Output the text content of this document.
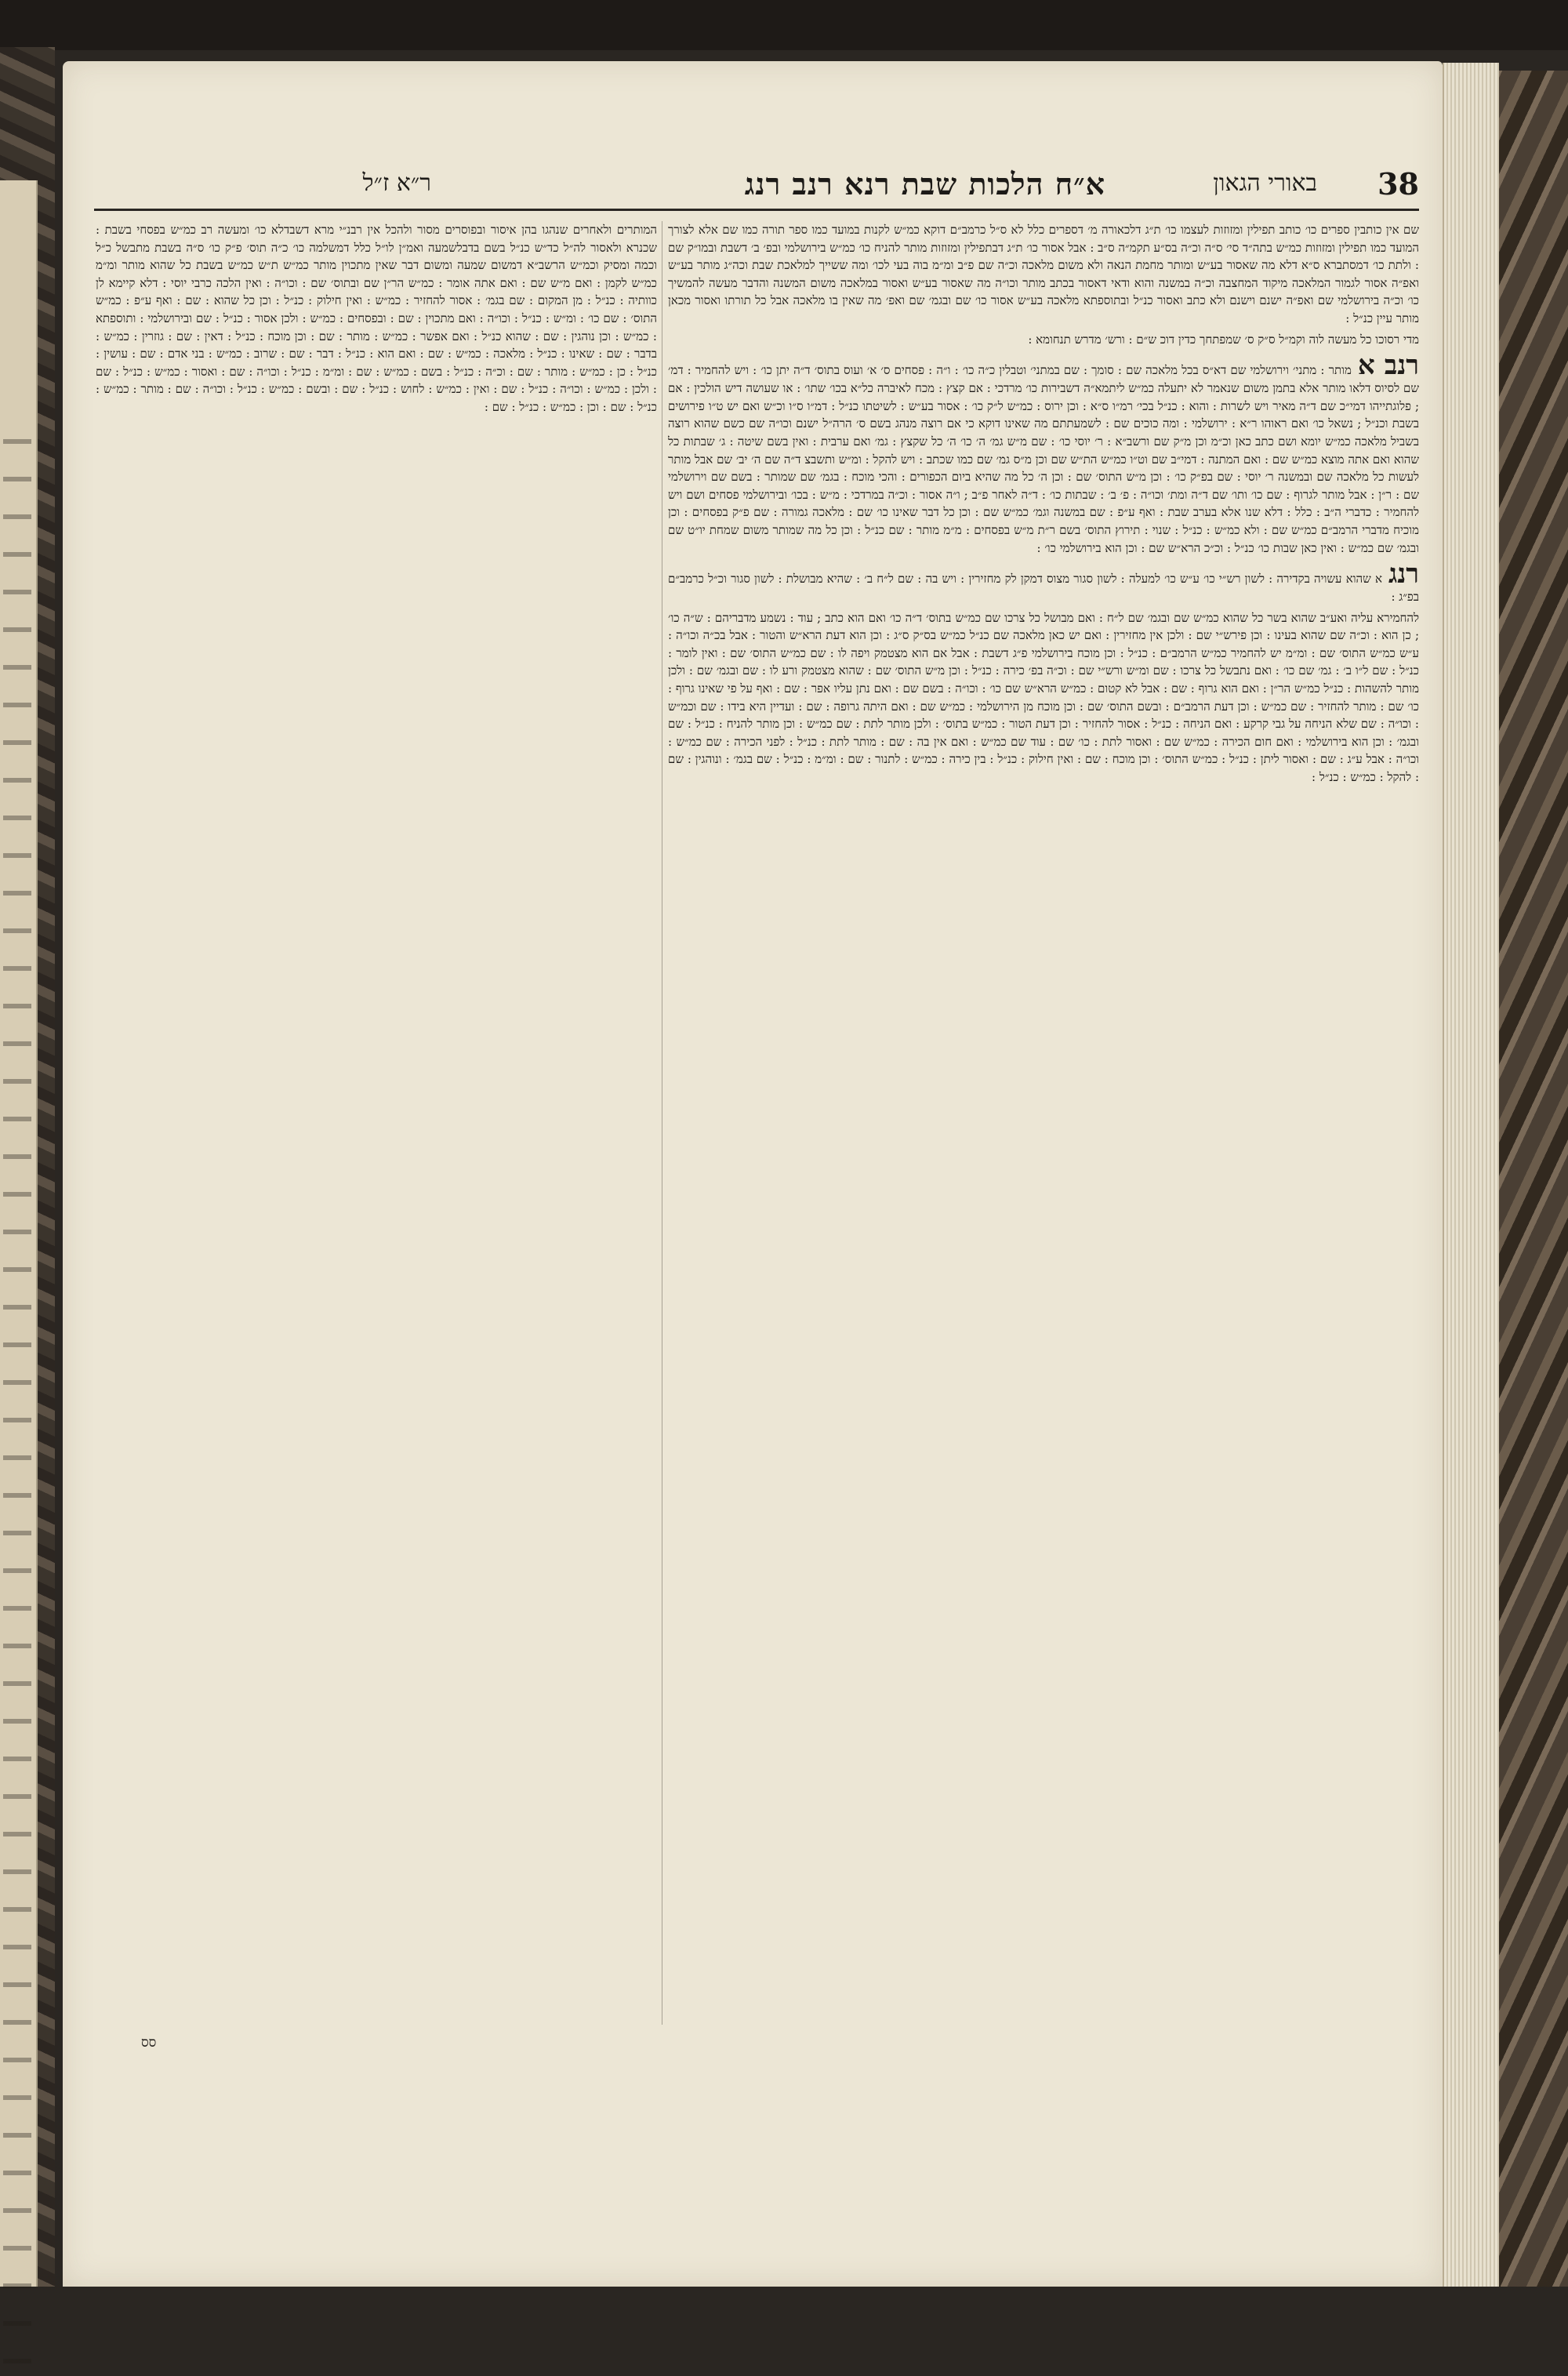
38
באורי הגאון
א״ח הלכות שבת רנא רנב רנג
ר״א ז״ל

שם אין כותבין ספרים כו׳ כותב תפילין ומזוזות לעצמו כו׳ ת״ג דלכאורה מ׳ דספרים כלל לא ס״ל כרמב״ם דוקא כמ״ש לקנות במועד כמו ספר תורה כמו שם אלא לצורך המועד כמו תפילין ומזוזות כמ״ש בתה״ד סי׳ ס״ה וכ״ה בס״ע תקמ״ה ס״ב : אבל אסור כו׳ ת״ג דבתפילין ומזוזות מותר להניח כו׳ כמ״ש בירושלמי ובפ׳ ב׳ דשבת ובמו״ק שם : ולתת כו׳ דמסתברא ס״א דלא מה שאסור בע״ש ומותר מחמת הנאה ולא משום מלאכה וכ״ה שם פ״ב ומ״מ בוה בעי לכו׳ ומה ששייך למלאכת שבת וכה״ג מותר בע״ש ואפ״ה אסור לגמור המלאכה מיקוד המחצבה וכ״ה במשנה והוא ודאי דאסור בכתב מותר וכו״ה מה שאסור בע״ש ואסור במלאכה משום המשנה והדבר מעשה להמשיך כו׳ וכ״ה בירושלמי שם ואפ״ה ישנם וישנם ולא כתב ואסור כנ״ל ובתוספתא מלאכה בע״ש אסור כו׳ שם ובגמ׳ שם ואפ׳ מה שאין בו מלאכה אבל כל תורתו ואסור מכאן מותר עיין כנ״ל :

מדי רסוכו כל מעשה לוה וקמ״ל ס״ק ס׳ שמפתחך כדין דוכ ש״ם : ורש׳ מדרש תנחומא :

רנב אמותר : מתני׳ וירושלמי שם דא״ס בכל מלאכה שם : סומך : שם במתני׳ וטבלין כ״ה כו׳ : ו״ה : פסחים ס׳ א׳ ועוס בתוס׳ ד״ה יתן כו׳ : ויש להחמיר : דמ׳ שם לסיוס דלאו מותר אלא בתמן משום שנאמר לא יתעלה כמ״ש ליתמא״ה דשבירות כו׳ מרדכי : אם קצץ : מכח לאיברה כל״א בכו׳ שתו׳ : או שעושה דיש הולכין : אם ; פלוגתייהו דמי״כ שם ד״ה מאיר ויש לשרות : והוא : כנ״ל בכי׳ רמ״ו ס״א : וכן ירוס : כמ״ש ל״ק כו׳ : אסור בע״ש : לשיטתו כנ״ל : דמ״ו ס״ו וכ״ש ואם יש ט״ו פירושים בשבת וכנ״ל ; נשאל כו׳ ואם ראוהו ר״א : ירושלמי : ומה כוכים שם : לשמעתתם מה שאינו דוקא כי אם רוצה מנהג בשם ס׳ הרה״ל ישנם וכו״ה שם כשם שהוא רוצה בשביל מלאכה כמ״ש יומא ושם כתב כאן וכ״מ וכן מ״ק שם ורשב״א : ר׳ יוסי כו׳ : שם מ״ש גמ׳ ה׳ כו׳ ה׳ כל שקצץ : גמ׳ ואם ערבית : ואין בשם שיטה : ג׳ שבתות כל שהוא ואם אתה מוצא כמ״ש שם : ואם המתנה : דמי״ב שם וט״ו כמ״ש הת״ש שם וכן מ״ס גמ׳ שם כמו שכתב : ויש להקל : ומ״ש ותשבצ ד״ה שם ה׳ יב׳ שם אבל מותר לעשות כל מלאכה שם ובמשנה ר׳ יוסי : שם בפ״ק כו׳ : וכן מ״ש התוס׳ שם : וכן ה׳ כל מה שהיא ביום הכפורים : והכי מוכח : בגמ׳ שם שמותר : בשם שם וירושלמי שם : ר״ן : אבל מותר לגרוף : שם כו׳ ותו׳ שם ד״ה ומת׳ וכו״ה : פ׳ ב׳ : שבתות כו׳ : ד״ה לאחר פ״ב ; ו״ה אסור : וכ״ה במרדכי : מ״ש : בכו׳ ובירושלמי פסחים ושם ויש להחמיר : כדברי ה״ב : כלל : דלא שנו אלא בערב שבת : ואף ע״פ : שם במשנה וגמ׳ כמ״ש שם : וכן כל דבר שאינו כו׳ שם : מלאכה גמורה : שם פ״ק בפסחים : וכן מוכיח מדברי הרמב״ם כמ״ש שם : ולא כמ״ש : כנ״ל : שנוי : תירוץ התוס׳ בשם ר״ת מ״ש בפסחים : מ״מ מותר : שם כנ״ל : וכן כל מה שמותר משום שמחת יו״ט שם ובגמ׳ שם כמ״ש : ואין כאן שבות כו׳ כנ״ל : וכ״כ הרא״ש שם : וכן הוא בירושלמי כו׳ :

רנגא שהוא עשויה בקדירה : לשון רש״י כו׳ ע״ש כו׳ למעלה : לשון סגור מצוס דמקן לק מחזירין : ויש בה : שם ל״ח ב׳ : שהיא מבושלת : לשון סגור וכ״ל כרמב״ם בפ״ג :

להחמירא עליה ואע״ב שהוא בשר כל שהוא כמ״ש שם ובגמ׳ שם ל״ח : ואם מבושל כל צרכו שם כמ״ש בתוס׳ ד״ה כו׳ ואם הוא כתב ; עוד : נשמע מדבריהם : ש״ה כו׳ ; כן הוא : וכ״ה שם שהוא בעינו : וכן פירש״י שם : ולכן אין מחזירין : ואם יש כאן מלאכה שם כנ״ל כמ״ש בס״ק ס״ג : וכן הוא דעת הרא״ש והטור : אבל בכ״ה וכו״ה : ע״ש כמ״ש התוס׳ שם : ומ״מ יש להחמיר כמ״ש הרמב״ם : כנ״ל : וכן מוכח בירושלמי פ״ג דשבת : אבל אם הוא מצטמק ויפה לו : שם כמ״ש התוס׳ שם : ואין לומר : כנ״ל : שם ל״ו ב׳ : גמ׳ שם כו׳ : ואם נתבשל כל צרכו : שם ומ״ש ורש״י שם : וכ״ה בפ׳ כירה : כנ״ל : וכן מ״ש התוס׳ שם : שהוא מצטמק ורע לו : שם ובגמ׳ שם : ולכן מותר להשהות : כנ״ל כמ״ש הר״ן : ואם הוא גרוף : שם : אבל לא קטום : כמ״ש הרא״ש שם כו׳ : וכו״ה : בשם שם : ואם נתן עליו אפר : שם : ואף על פי שאינו גרוף : כו׳ שם : מותר להחזיר : שם כמ״ש : וכן דעת הרמב״ם : ובשם התוס׳ שם : וכן מוכח מן הירושלמי : כמ״ש שם : ואם היתה גרופה : שם : ועדיין היא בידו : שם וכמ״ש : וכו״ה : שם שלא הניחה על גבי קרקע : ואם הניחה : כנ״ל : אסור להחזיר : וכן דעת הטור : כמ״ש בתוס׳ : ולכן מותר לתת : שם כמ״ש : וכן מותר להניח : כנ״ל : שם ובגמ׳ : וכן הוא בירושלמי : ואם חום הכירה : כמ״ש שם : ואסור לתת : כו׳ שם : עוד שם כמ״ש : ואם אין בה : שם : מותר לתת : כנ״ל : לפני הכירה : שם כמ״ש : וכו״ה : אבל ע״ג : שם : ואסור ליתן : כנ״ל : כמ״ש התוס׳ : וכן מוכח : שם : ואין חילוק : כנ״ל : בין כירה : כמ״ש : לתנור : שם : ומ״מ : כנ״ל : שם בגמ׳ : ונוהגין : שם : להקל : כמ״ש : כנ״ל :

המותרים ולאחרים שנהגו בהן איסור ובפוסרים מסור ולהכל אין רבנ״י מרא דשבדלא כו׳ ומעשה רב כמ״ש בפסחי בשבת : שכנרא ולאסור לה״ל כד״ש כנ״ל בשם בדבלשמעה ואמ״ן לו״ל כלל דמשלמה כו׳ כ״ה תוס׳ פ״ק כו׳ ס״ה בשבת מתבשל כ״ל וכמה ומסיק וכמ״ש הרשב״א דמשום שמעה ומשום דבר שאין מתכוין מותר כמ״ש ת״ש כמ״ש בשבת כל שהוא מותר ומ״מ כמ״ש לקמן : ואם מ״ש שם : ואם אתה אומר : כמ״ש הר״ן שם ובתוס׳ שם : וכו״ה : ואין הלכה כרבי יוסי : דלא קיימא לן כוותיה : כנ״ל : מן המקום : שם בגמ׳ : אסור להחזיר : כמ״ש : ואין חילוק : כנ״ל : וכן כל שהוא : שם : ואף ע״פ : כמ״ש התוס׳ : שם כו׳ : ומ״ש : כנ״ל : וכו״ה : ואם מתכוין : שם : ובפסחים : כמ״ש : ולכן אסור : כנ״ל : שם ובירושלמי : ותוספתא : כמ״ש : וכן נוהגין : שם : שהוא כנ״ל : ואם אפשר : כמ״ש : מותר : שם : וכן מוכח : כנ״ל : דאין : שם : גוזרין : כמ״ש : בדבר : שם : שאינו : כנ״ל : מלאכה : כמ״ש : שם : ואם הוא : כנ״ל : דבר : שם : שרוב : כמ״ש : בני אדם : שם : עושין : כנ״ל : כן : כמ״ש : מותר : שם : וכ״ה : כנ״ל : בשם : כמ״ש : שם : ומ״מ : כנ״ל : וכו״ה : שם : ואסור : כמ״ש : כנ״ל : שם : ולכן : כמ״ש : וכו״ה : כנ״ל : שם : ואין : כמ״ש : לחוש : כנ״ל : שם : ובשם : כמ״ש : כנ״ל : וכו״ה : שם : מותר : כמ״ש : כנ״ל : שם : וכן : כמ״ש : כנ״ל : שם :

סס
